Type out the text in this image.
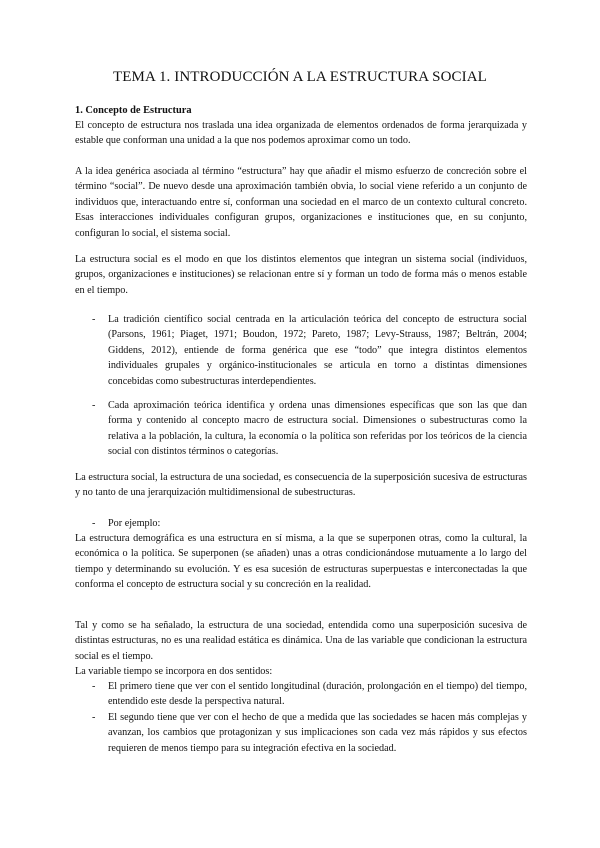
TEMA 1. INTRODUCCIÓN A LA ESTRUCTURA SOCIAL
1. Concepto de Estructura

El concepto de estructura nos traslada una idea organizada de elementos ordenados de forma jerarquizada y estable que conforman una unidad a la que nos podemos aproximar como un todo.

A la idea genérica asociada al término “estructura” hay que añadir el mismo esfuerzo de concreción sobre el término “social”. De nuevo desde una aproximación también obvia, lo social viene referido a un conjunto de individuos que, interactuando entre sí, conforman una sociedad en el marco de un contexto cultural concreto. Esas interacciones individuales configuran grupos, organizaciones e instituciones que, en su conjunto, configuran lo social, el sistema social.

La estructura social es el modo en que los distintos elementos que integran un sistema social (individuos, grupos, organizaciones e instituciones) se relacionan entre sí y forman un todo de forma más o menos estable en el tiempo.

- La tradición científico social centrada en la articulación teórica del concepto de estructura social (Parsons, 1961; Piaget, 1971; Boudon, 1972; Pareto, 1987; Levy-Strauss, 1987; Beltrán, 2004; Giddens, 2012), entiende de forma genérica que ese “todo” que integra distintos elementos individuales grupales y orgánico-institucionales se articula en torno a distintas dimensiones concebidas como subestructuras interdependientes.
- Cada aproximación teórica identifica y ordena unas dimensiones específicas que son las que dan forma y contenido al concepto macro de estructura social. Dimensiones o subestructuras como la relativa a la población, la cultura, la economía o la política son referidas por los teóricos de la ciencia social con distintos términos o categorías.

La estructura social, la estructura de una sociedad, es consecuencia de la superposición sucesiva de estructuras y no tanto de una jerarquización multidimensional de subestructuras.

- Por ejemplo:

La estructura demográfica es una estructura en sí misma, a la que se superponen otras, como la cultural, la económica o la política. Se superponen (se añaden) unas a otras condicionándose mutuamente a lo largo del tiempo y determinando su evolución. Y es esa sucesión de estructuras superpuestas e interconectadas la que conforma el concepto de estructura social y su concreción en la realidad.

Tal y como se ha señalado, la estructura de una sociedad, entendida como una superposición sucesiva de distintas estructuras, no es una realidad estática es dinámica. Una de las variable que condicionan la estructura social es el tiempo.

La variable tiempo se incorpora en dos sentidos:

- El primero tiene que ver con el sentido longitudinal (duración, prolongación en el tiempo) del tiempo, entendido este desde la perspectiva natural.
- El segundo tiene que ver con el hecho de que a medida que las sociedades se hacen más complejas y avanzan, los cambios que protagonizan y sus implicaciones son cada vez más rápidos y sus efectos requieren de menos tiempo para su integración efectiva en la sociedad.
